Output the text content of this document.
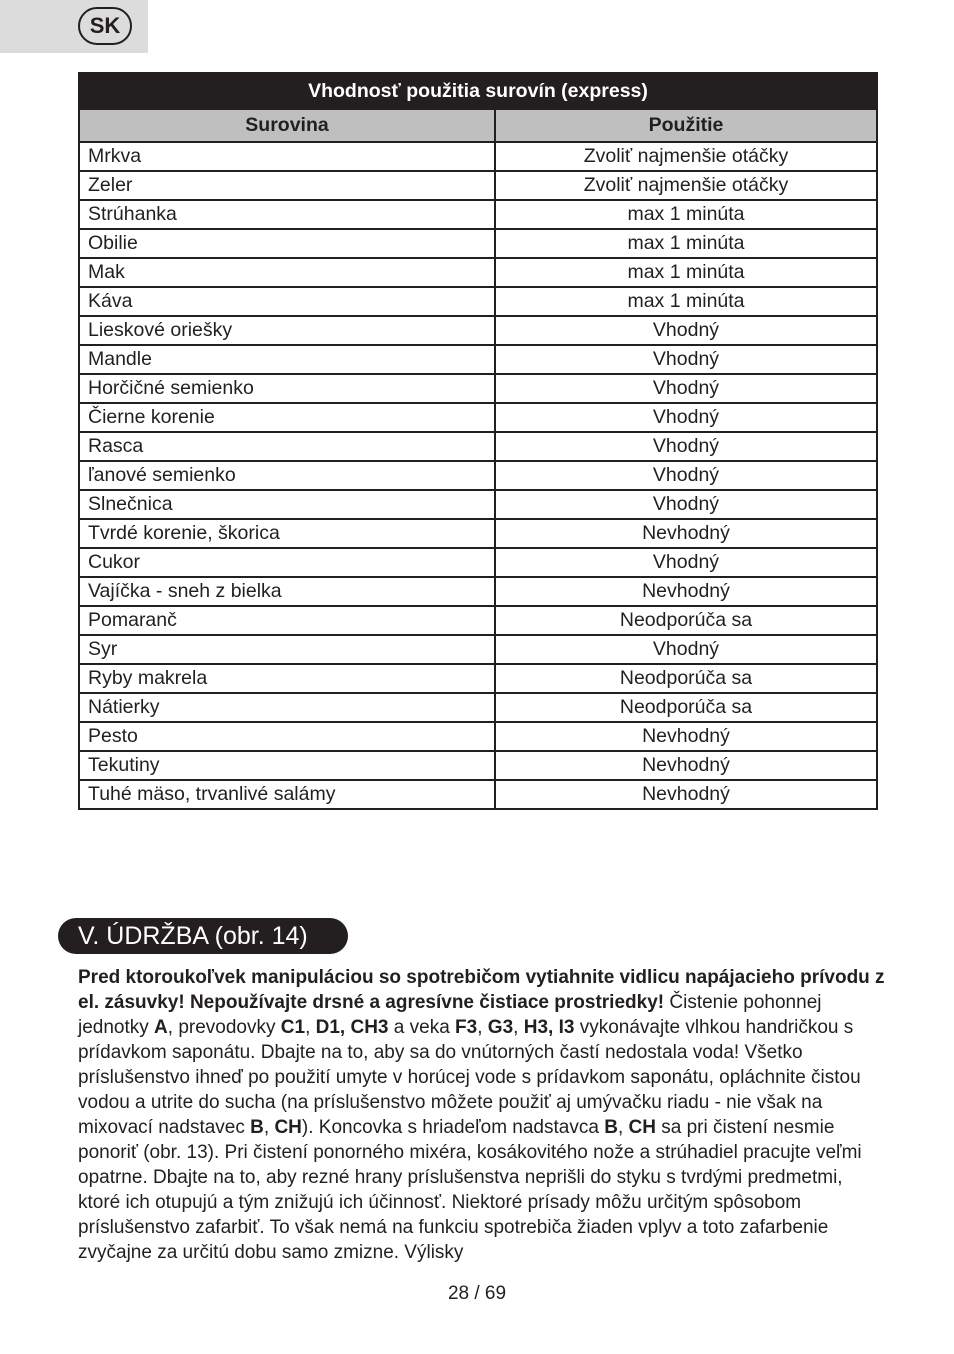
SK
Vhodnosť použitia surovín (express)	
Surovina	Použitie
Mrkva	Zvoliť najmenšie otáčky
Zeler	Zvoliť najmenšie otáčky
Strúhanka	max 1 minúta
Obilie	max 1 minúta
Mak	max 1 minúta
Káva	max 1 minúta
Lieskové oriešky	Vhodný
Mandle	Vhodný
Horčičné semienko	Vhodný
Čierne korenie	Vhodný
Rasca	Vhodný
ľanové semienko	Vhodný
Slnečnica	Vhodný
Tvrdé korenie, škorica	Nevhodný
Cukor	Vhodný
Vajíčka - sneh z bielka	Nevhodný
Pomaranč	Neodporúča sa
Syr	Vhodný
Ryby makrela	Neodporúča sa
Nátierky	Neodporúča sa
Pesto	Nevhodný
Tekutiny	Nevhodný
Tuhé mäso, trvanlivé salámy	Nevhodný
V. ÚDRŽBA (obr. 14)

Pred ktoroukoľvek manipuláciou so spotrebičom vytiahnite vidlicu napájacieho prívodu z el. zásuvky! Nepoužívajte drsné a agresívne čistiace prostriedky! Čistenie pohonnej jednotky A, prevodovky C1, D1, CH3 a veka F3, G3, H3, I3 vykonávajte vlhkou handričkou s prídavkom saponátu. Dbajte na to, aby sa do vnútorných častí nedostala voda! Všetko príslušenstvo ihneď po použití umyte v horúcej vode s prídavkom saponátu, opláchnite čistou vodou a utrite do sucha (na príslušenstvo môžete použiť aj umývačku riadu - nie však na mixovací nadstavec B, CH). Koncovka s hriadeľom nadstavca B, CH sa pri čistení nesmie ponoriť (obr. 13). Pri čistení ponorného mixéra, kosákovitého nože a strúhadiel pracujte veľmi opatrne. Dbajte na to, aby rezné hrany príslušenstva neprišli do styku s tvrdými predmetmi, ktoré ich otupujú a tým znižujú ich účinnosť. Niektoré prísady môžu určitým spôsobom príslušenstvo zafarbiť. To však nemá na funkciu spotrebiča žiaden vplyv a toto zafarbenie zvyčajne za určitú dobu samo zmizne. Výlisky

28 / 69
